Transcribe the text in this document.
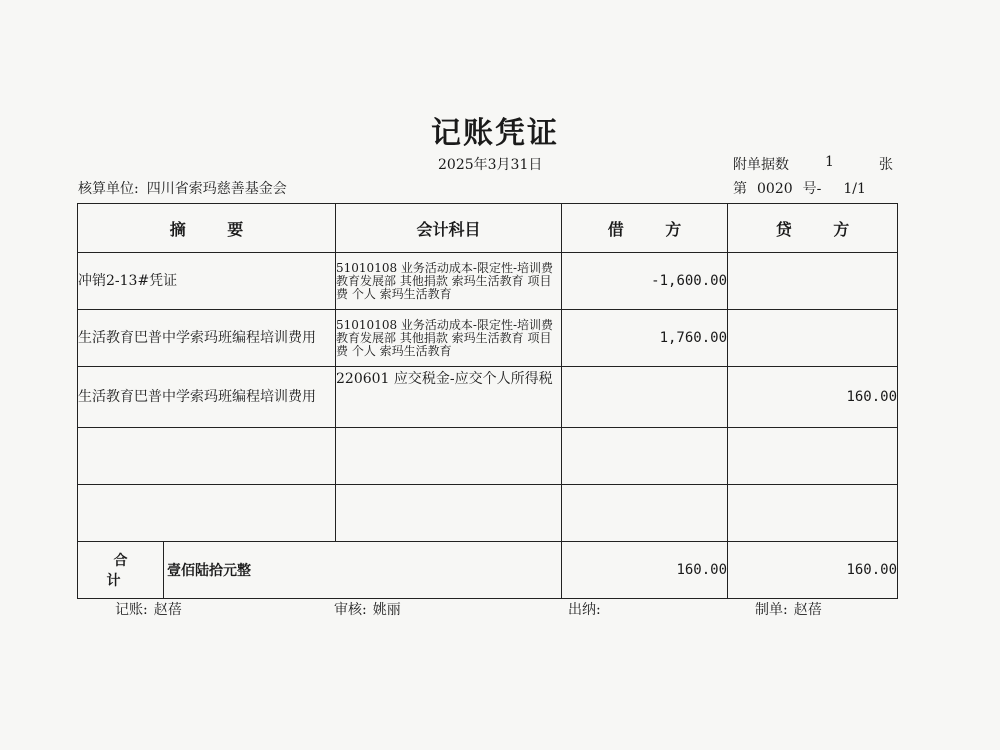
记账凭证
2025年3月31日	附单据数	1	张
核算单位: 四川省索玛慈善基金会	第 0020 号- 1/1
摘 要		会计科目	借 方	贷 方
冲销2-13#凭证		51010108 业务活动成本-限定性-培训费 教育发展部 其他捐款 索玛生活教育 项目费 个人 索玛生活教育	-1,600.00	
生活教育巴普中学索玛班编程培训费用		51010108 业务活动成本-限定性-培训费 教育发展部 其他捐款 索玛生活教育 项目费 个人 索玛生活教育	1,760.00	
生活教育巴普中学索玛班编程培训费用		220601 应交税金-应交个人所得税		160.00

合 计	壹佰陆拾元整		160.00	160.00
记账: 赵蓓	审核: 姚丽	出纳:	制单: 赵蓓
